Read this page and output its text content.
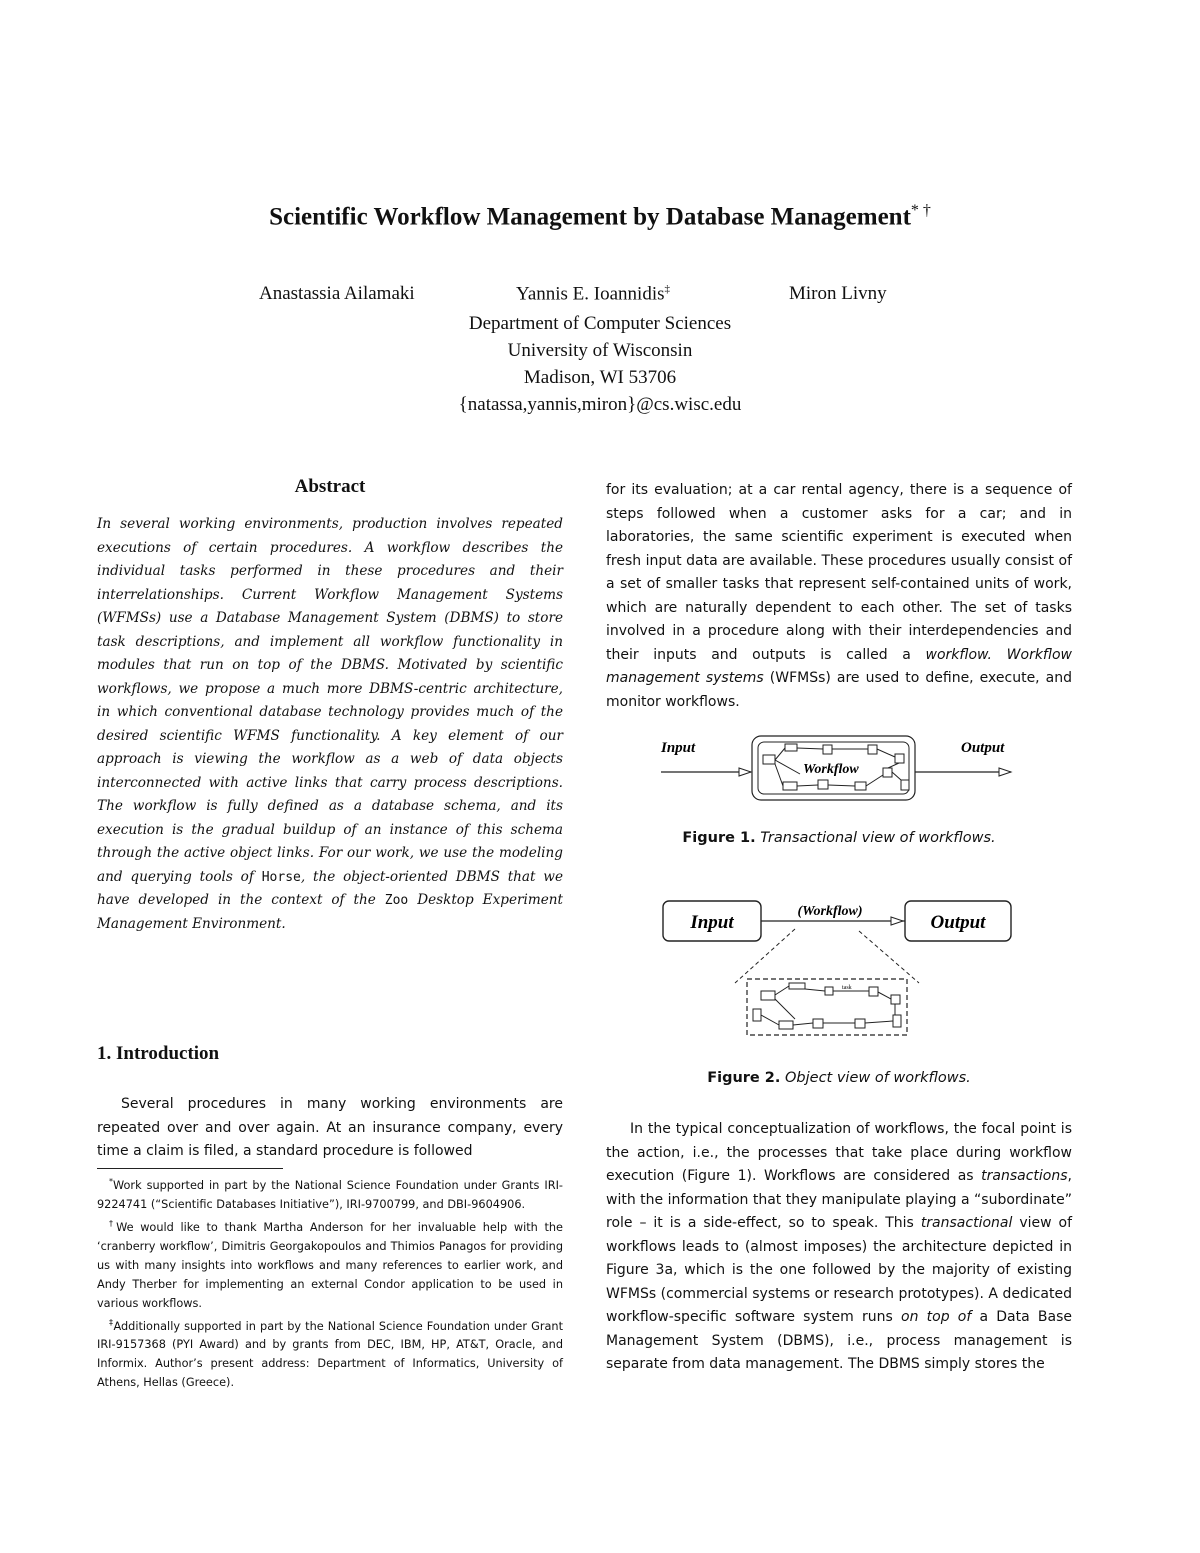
Scientific Workflow Management by Database Management* †
Anastassia Ailamaki	Yannis E. Ioannidis‡	Miron Livny
Department of Computer Sciences
University of Wisconsin
Madison, WI 53706
{natassa,yannis,miron}@cs.wisc.edu
Abstract
In several working environments, production involves repeated executions of certain procedures. A workflow describes the individual tasks performed in these procedures and their interrelationships. Current Workflow Management Systems (WFMSs) use a Database Management System (DBMS) to store task descriptions, and implement all workflow functionality in modules that run on top of the DBMS. Motivated by scientific workflows, we propose a much more DBMS-centric architecture, in which conventional database technology provides much of the desired scientific WFMS functionality. A key element of our approach is viewing the workflow as a web of data objects interconnected with active links that carry process descriptions. The workflow is fully defined as a database schema, and its execution is the gradual buildup of an instance of this schema through the active object links. For our work, we use the modeling and querying tools of Horse, the object-oriented DBMS that we have developed in the context of the Zoo Desktop Experiment Management Environment.
1. Introduction
Several procedures in many working environments are repeated over and over again. At an insurance company, every time a claim is filed, a standard procedure is followed

*Work supported in part by the National Science Foundation under Grants IRI-9224741 (“Scientific Databases Initiative”), IRI-9700799, and DBI-9604906.

†We would like to thank Martha Anderson for her invaluable help with the ‘cranberry workflow’, Dimitris Georgakopoulos and Thimios Panagos for providing us with many insights into workflows and many references to earlier work, and Andy Therber for implementing an external Condor application to be used in various workflows.

‡Additionally supported in part by the National Science Foundation under Grant IRI-9157368 (PYI Award) and by grants from DEC, IBM, HP, AT&T, Oracle, and Informix. Author’s present address: Department of Informatics, University of Athens, Hellas (Greece).

for its evaluation; at a car rental agency, there is a sequence of steps followed when a customer asks for a car; and in laboratories, the same scientific experiment is executed when fresh input data are available. These procedures usually consist of a set of smaller tasks that represent self-contained units of work, which are naturally dependent to each other. The set of tasks involved in a procedure along with their interdependencies and their inputs and outputs is called a workflow. Workflow management systems (WFMSs) are used to define, execute, and monitor workflows.
Input	Output
Workflow
Figure 1. Transactional view of workflows.
Input	Output
(Workflow)
task
Figure 2. Object view of workflows.
In the typical conceptualization of workflows, the focal point is the action, i.e., the processes that take place during workflow execution (Figure 1). Workflows are considered as transactions, with the information that they manipulate playing a “subordinate” role – it is a side-effect, so to speak. This transactional view of workflows leads to (almost imposes) the architecture depicted in Figure 3a, which is the one followed by the majority of existing WFMSs (commercial systems or research prototypes). A dedicated workflow-specific software system runs on top of a Data Base Management System (DBMS), i.e., process management is separate from data management. The DBMS simply stores the
